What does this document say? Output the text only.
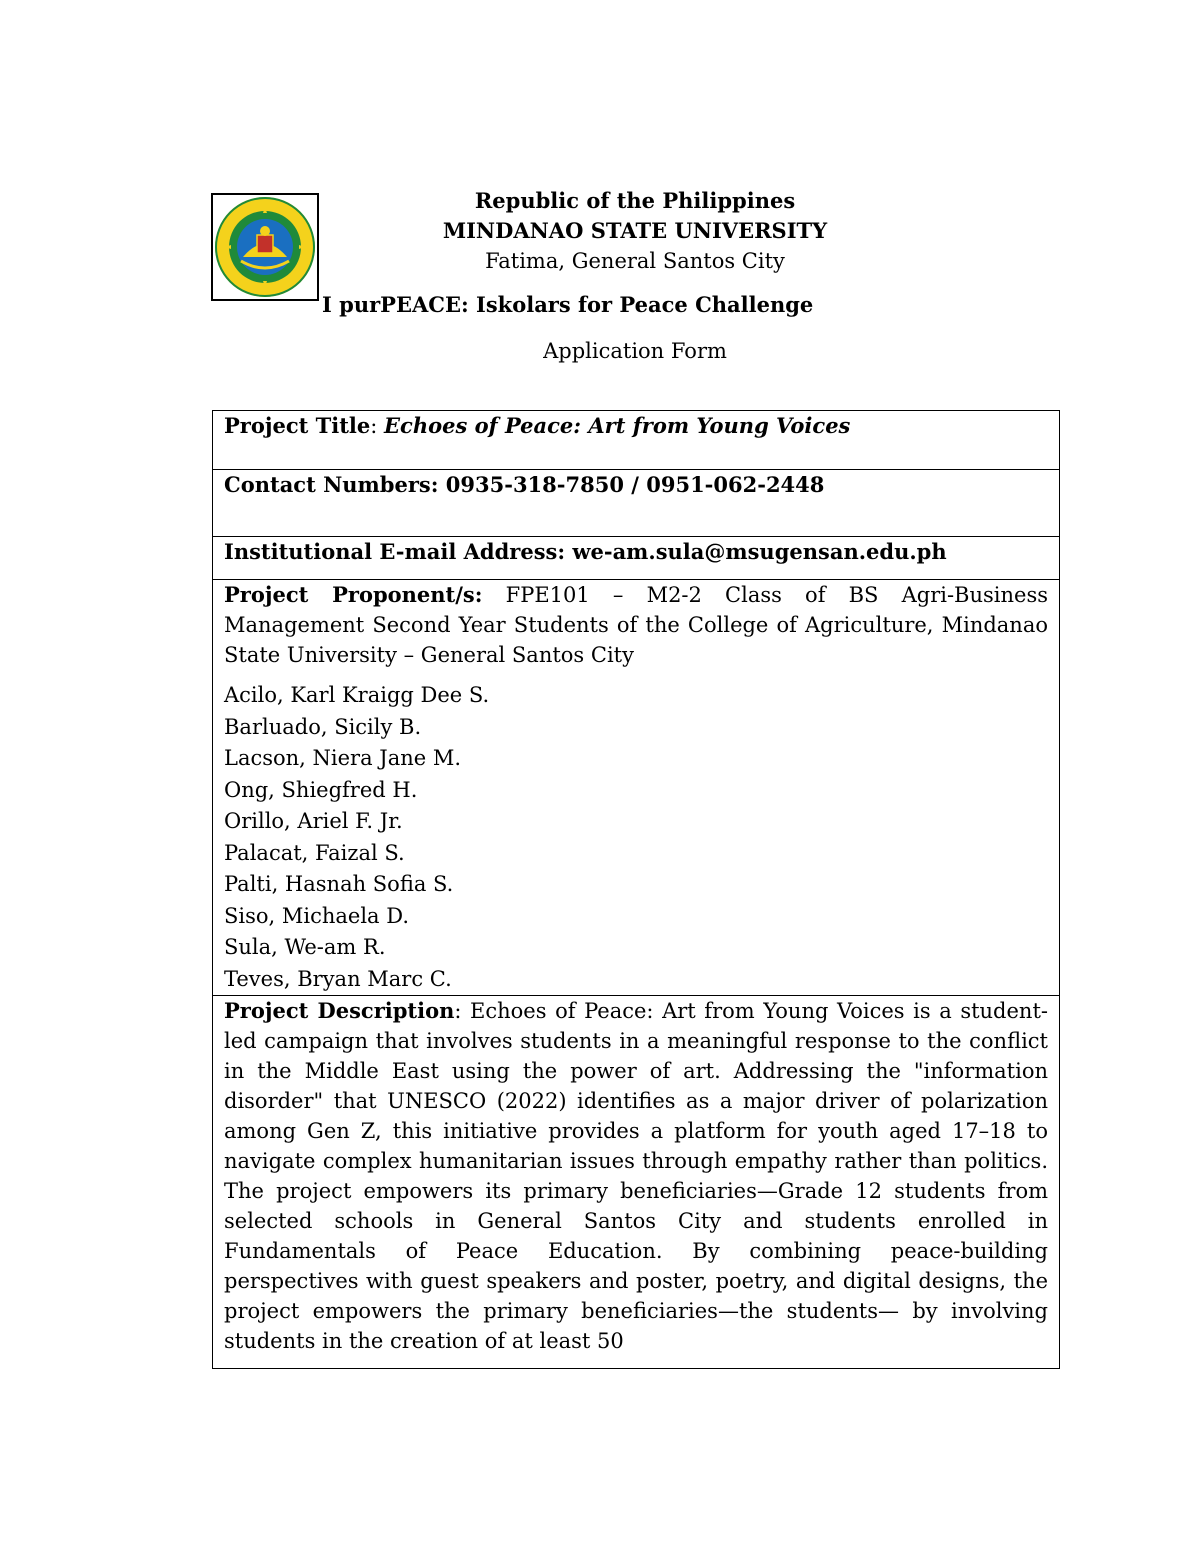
Republic of the Philippines
MINDANAO STATE UNIVERSITY
Fatima, General Santos City
I purPEACE: Iskolars for Peace Challenge
Application Form
Project Title: Echoes of Peace: Art from Young Voices
Contact Numbers: 0935-318-7850 / 0951-062-2448
Institutional E-mail Address: we-am.sula@msugensan.edu.ph

Project Proponent/s: FPE101 – M2-2 Class of BS Agri-Business Management Second Year Students of the College of Agriculture, Mindanao State University – General Santos City
Acilo, Karl Kraigg Dee S.
Barluado, Sicily B.
Lacson, Niera Jane M.
Ong, Shiegfred H.
Orillo, Ariel F. Jr.
Palacat, Faizal S.
Palti, Hasnah Sofia S.
Siso, Michaela D.
Sula, We-am R.
Teves, Bryan Marc C.

Project Description: Echoes of Peace: Art from Young Voices is a student-led campaign that involves students in a meaningful response to the conflict in the Middle East using the power of art. Addressing the "information disorder" that UNESCO (2022) identifies as a major driver of polarization among Gen Z, this initiative provides a platform for youth aged 17–18 to navigate complex humanitarian issues through empathy rather than politics. The project empowers its primary beneficiaries—Grade 12 students from selected schools in General Santos City and students enrolled in Fundamentals of Peace Education. By combining peace-building perspectives with guest speakers and poster, poetry, and digital designs, the project empowers the primary beneficiaries—the students— by involving students in the creation of at least 50
